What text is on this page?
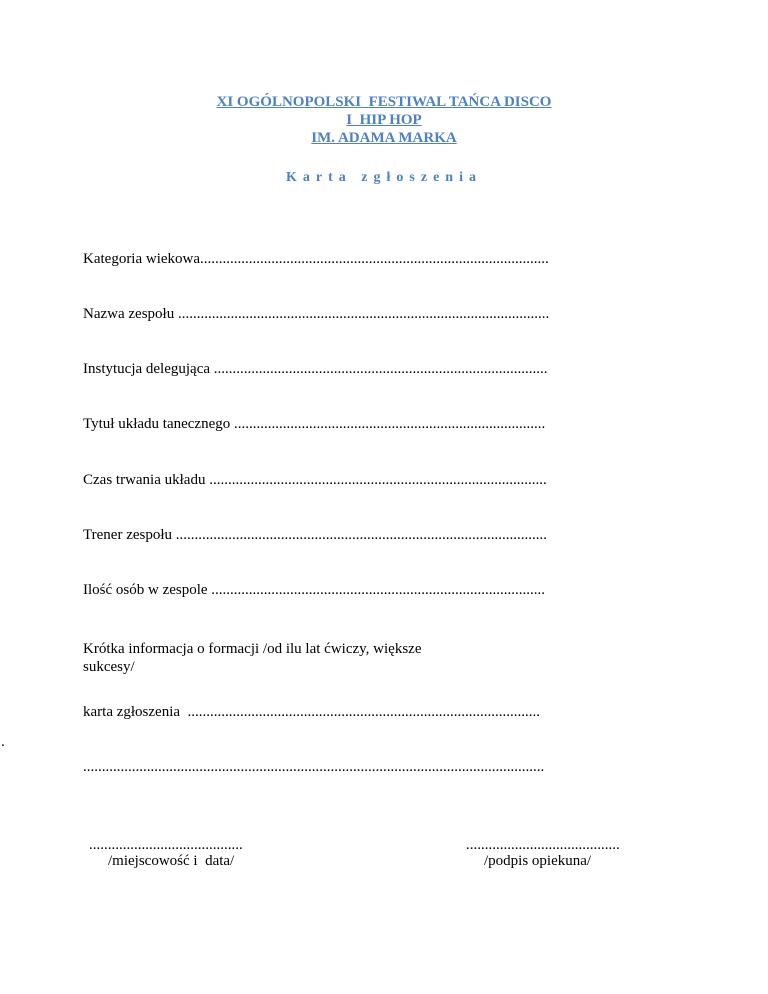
XI OGÓLNOPOLSKI  FESTIWAL TAŃCA DISCO
I  HIP HOP
IM. ADAMA MARKA
Karta zgłoszenia
Kategoria wiekowa.............................................................................................
Nazwa zespołu ...................................................................................................
Instytucja delegująca .........................................................................................
Tytuł układu tanecznego ...................................................................................
Czas trwania układu ..........................................................................................
Trener zespołu ...................................................................................................
Ilość osób w zespole .........................................................................................
Krótka informacja o formacji /od ilu lat ćwiczy, większe
sukcesy/
karta zgłoszenia  ..............................................................................................
...........................................................................................................................
.
.........................................
/miejscowość i  data/
.........................................
/podpis opiekuna/
